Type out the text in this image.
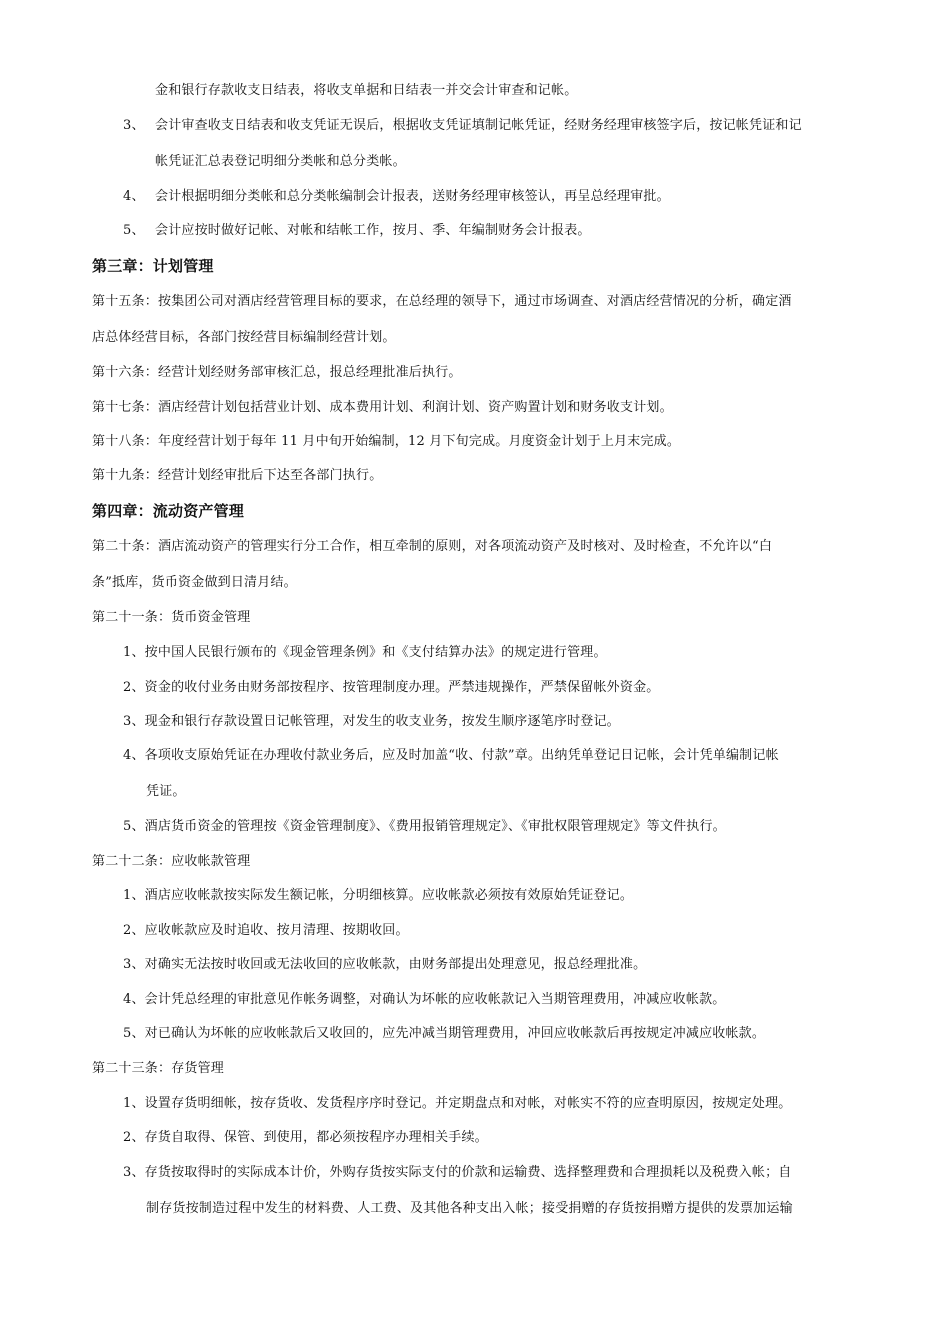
金和银行存款收支日结表，将收支单据和日结表一并交会计审查和记帐。
3、 会计审查收支日结表和收支凭证无误后，根据收支凭证填制记帐凭证，经财务经理审核签字后，按记帐凭证和记
帐凭证汇总表登记明细分类帐和总分类帐。
4、 会计根据明细分类帐和总分类帐编制会计报表，送财务经理审核签认，再呈总经理审批。
5、 会计应按时做好记帐、对帐和结帐工作，按月、季、年编制财务会计报表。
第三章：计划管理
第十五条：按集团公司对酒店经营管理目标的要求，在总经理的领导下，通过市场调查、对酒店经营情况的分析，确定酒
店总体经营目标，各部门按经营目标编制经营计划。
第十六条：经营计划经财务部审核汇总，报总经理批准后执行。
第十七条：酒店经营计划包括营业计划、成本费用计划、利润计划、资产购置计划和财务收支计划。
第十八条：年度经营计划于每年 11 月中旬开始编制，12 月下旬完成。月度资金计划于上月末完成。
第十九条：经营计划经审批后下达至各部门执行。
第四章：流动资产管理
第二十条：酒店流动资产的管理实行分工合作，相互牵制的原则，对各项流动资产及时核对、及时检查，不允许以“白
条”抵库，货币资金做到日清月结。
第二十一条：货币资金管理
1、按中国人民银行颁布的《现金管理条例》和《支付结算办法》的规定进行管理。
2、资金的收付业务由财务部按程序、按管理制度办理。严禁违规操作，严禁保留帐外资金。
3、现金和银行存款设置日记帐管理，对发生的收支业务，按发生顺序逐笔序时登记。
4、各项收支原始凭证在办理收付款业务后，应及时加盖“收、付款”章。出纳凭单登记日记帐，会计凭单编制记帐
凭证。
5、酒店货币资金的管理按《资金管理制度》、《费用报销管理规定》、《审批权限管理规定》等文件执行。
第二十二条：应收帐款管理
1、酒店应收帐款按实际发生额记帐，分明细核算。应收帐款必须按有效原始凭证登记。
2、应收帐款应及时追收、按月清理、按期收回。
3、对确实无法按时收回或无法收回的应收帐款，由财务部提出处理意见，报总经理批准。
4、会计凭总经理的审批意见作帐务调整，对确认为坏帐的应收帐款记入当期管理费用，冲减应收帐款。
5、对已确认为坏帐的应收帐款后又收回的，应先冲减当期管理费用，冲回应收帐款后再按规定冲减应收帐款。
第二十三条：存货管理
1、设置存货明细帐，按存货收、发货程序序时登记。并定期盘点和对帐，对帐实不符的应查明原因，按规定处理。
2、存货自取得、保管、到使用，都必须按程序办理相关手续。
3、存货按取得时的实际成本计价，外购存货按实际支付的价款和运输费、选择整理费和合理损耗以及税费入帐；自
制存货按制造过程中发生的材料费、人工费、及其他各种支出入帐；接受捐赠的存货按捐赠方提供的发票加运输
